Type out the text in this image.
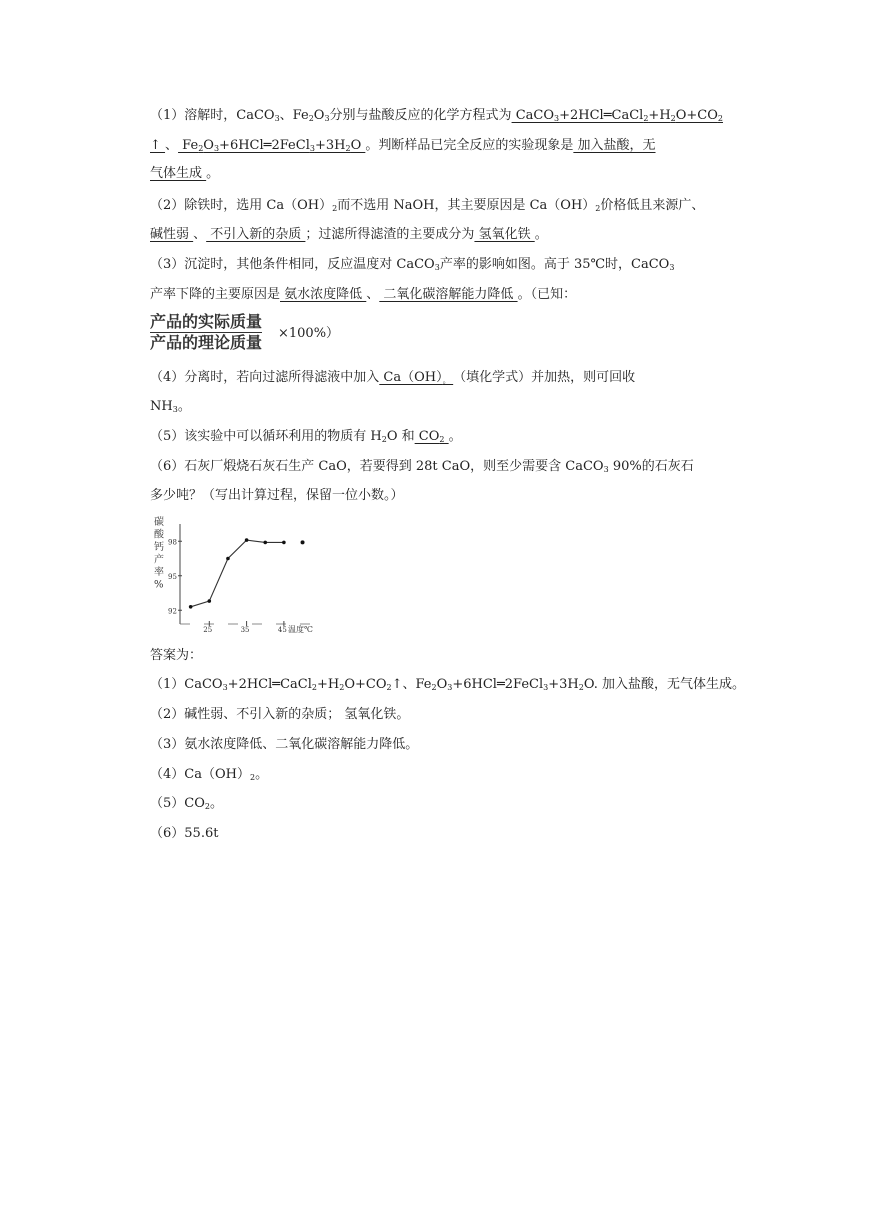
（1）溶解时，CaCO$_3$、$Fe_2O_3$分别与盐酸反应的化学方程式为 $CaCO_3+2HCl═CaCl_2+H_2O+CO_2$
↑ 、 $Fe_2O_3+6HCl═2FeCl_3+3H_2O$ 。判断样品已完全反应的实验现象是 加入盐酸，无
气体生成 。
（2）除铁时，选用 $Ca(OH)_2$而不选用 NaOH，其主要原因是 $Ca(OH)_2$价格低且来源广、
碱性弱 、 不引入新的杂质 ；过滤所得滤渣的主要成分为 氢氧化铁 。
（3）沉淀时，其他条件相同，反应温度对 CaCO$_3$产率的影响如图。高于 35℃时，CaCO$_3$
产率下降的主要原因是 氨水浓度降低 、 二氧化碳溶解能力降低 。（已知：
产品的实际质量
产品的理论质量 ×100%）
（4）分离时，若向过滤所得滤液中加入 $Ca(OH)_。$ （填化学式）并加热，则可回收
$NH_3$。
（5）该实验中可以循环利用的物质有 $H_2O$ 和 $CO_2$ 。
（6）石灰厂煅烧石灰石生产 CaO，若要得到 28t CaO，则至少需要含 CaCO$_3$ 90%的石灰石
多少吨？（写出计算过程，保留一位小数。）
碳
酸
钙
产
率
%
98
95
92
25	35	45 温度℃
答案为：
$(1)CaCO_3+2HCl═CaCl_2+H_2O+CO_2↑$、$Fe_2O_3+6HCl═2FeCl_3+3H_2O$. 加入盐酸，无气体生成。
（2）碱性弱、不引入新的杂质； 氢氧化铁。
（3）氨水浓度降低、二氧化碳溶解能力降低。
$(4)Ca(OH)_2$。
$(5)CO_2$。
（6）55.6t
